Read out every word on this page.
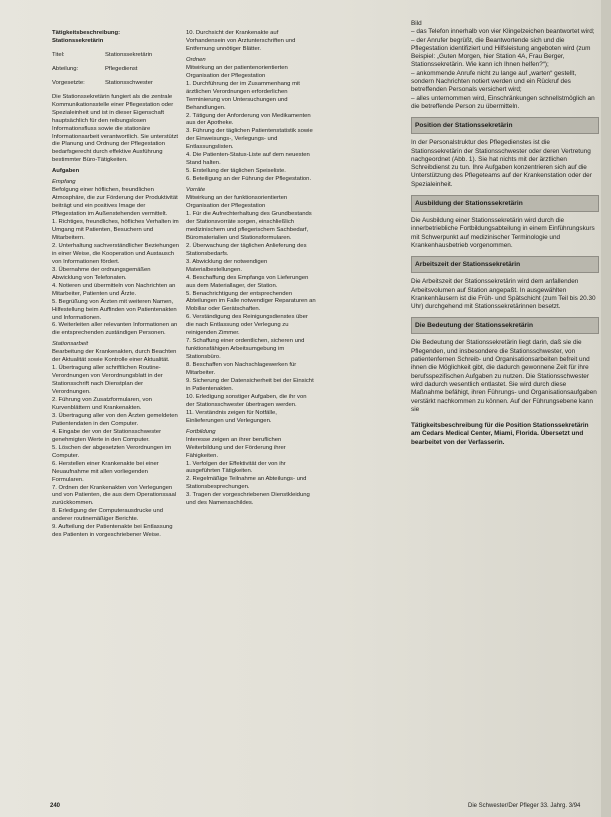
Tätigkeitsbeschreibung:
Stationssekretärin
Titel:	Stationssekretärin
Abteilung:	Pflegedienst
Vorgesetzte:	Stationsschwester

Die Stationssekretärin fungiert als die zentrale Kommunikationsstelle einer Pflegestation oder Spezialeinheit und ist in dieser Eigenschaft hauptsächlich für den reibungslosen Informationsfluss sowie die stationäre Informationsarbeit verantwortlich. Sie unterstützt die Planung und Ordnung der Pflegestation bedarfsgerecht durch effektive Ausführung bestimmter Büro-Tätigkeiten.

Aufgaben
Empfang
Befolgung einer höflichen, freundlichen Atmosphäre, die zur Förderung der Produktivität beiträgt und ein positives Image der Pflegestation im Außenstehenden vermittelt.
1. Richtiges, freundliches, höfliches Verhalten im Umgang mit Patienten, Besuchern und Mitarbeitern.
2. Unterhaltung sachverständlicher Beziehungen in einer Weise, die Kooperation und Austausch von Informationen fördert.
3. Übernahme der ordnungsgemäßen Abwicklung von Telefonaten.
4. Notieren und übermitteln von Nachrichten an Mitarbeiter, Patienten und Ärzte.
5. Begrüßung von Ärzten mit weiteren Namen, Hilfestellung beim Auffinden von Patientenakten und Informationen.
6. Weiterleiten aller relevanten Informationen an die entsprechenden zuständigen Personen.
Stationsarbeit
Bearbeitung der Krankenakten, durch Beachten der Aktualität sowie Kontrolle einer Aktualität.
1. Übertragung aller schriftlichen Routine-Verordnungen von Verordnungsblatt in der Stationsschrift nach Dienstplan der Verordnungen.
2. Führung von Zusatzformularen, von Kurvenblättern und Krankenakten.
3. Übertragung aller von den Ärzten gemeldeten Patientendaten in den Computer.
4. Eingabe der von der Stationsschwester genehmigten Werte in den Computer.
5. Löschen der abgesetzten Verordnungen im Computer.
6. Herstellen einer Krankenakte bei einer Neuaufnahme mit allen vorliegenden Formularen.
7. Ordnen der Krankenakten von Verlegungen und von Patienten, die aus dem Operationssaal zurückkommen.
8. Erledigung der Computerausdrucke und anderer routinemäßiger Berichte.
9. Aufteilung der Patientenakte bei Entlassung des Patienten in vorgeschriebener Weise.
10. Durchsicht der Krankenakte auf Vorhandensein von Arztunterschriften und Entfernung unnötiger Blätter.
Ordnen
Mitwirkung an der patientenorientierten Organisation der Pflegestation
1. Durchführung der im Zusammenhang mit ärztlichen Verordnungen erforderlichen Terminierung von Untersuchungen und Behandlungen.
2. Tätigung der Anforderung von Medikamenten aus der Apotheke.
3. Führung der täglichen Patientenstatistik sowie der Einweisungs-, Verlegungs- und Entlassungslisten.
4. Die Patienten-Status-Liste auf dem neuesten Stand halten.
5. Erstellung der täglichen Speiseliste.
6. Beteiligung an der Führung der Pflegestation.
Vorräte
Mitwirkung an der funktionsorientierten Organisation der Pflegestation
1. Für die Aufrechterhaltung des Grundbestands der Stationsvorräte sorgen, einschließlich medizinischem und pflegerischem Sachbedarf, Büromaterialien und Stationsformularen.
2. Überwachung der täglichen Anlieferung des Stationsbedarfs.
3. Abwicklung der notwendigen Materialbestellungen.
4. Beschaffung des Empfangs von Lieferungen aus dem Materiallager, der Station.
5. Benachrichtigung der entsprechenden Abteilungen im Falle notwendiger Reparaturen an Mobiliar oder Gerätschaften.
6. Verständigung des Reinigungsdienstes über die nach Entlassung oder Verlegung zu reinigenden Zimmer.
7. Schaffung einer ordentlichen, sicheren und funktionsfähigen Arbeitsumgebung im Stationsbüro.
8. Beschaffen von Nachschlagewerken für Mitarbeiter.
9. Sicherung der Datensicherheit bei der Einsicht in Patientenakten.
10. Erledigung sonstiger Aufgaben, die ihr von der Stationsschwester übertragen werden.
11. Verständnis zeigen für Notfälle, Einlieferungen und Verlegungen.
Fortbildung
Interesse zeigen an ihrer beruflichen Weiterbildung und der Förderung ihrer Fähigkeiten.
1. Verfolgen der Effektivität der von ihr ausgeführten Tätigkeiten.
2. Regelmäßige Teilnahme an Abteilungs- und Stationsbesprechungen.
3. Tragen der vorgeschriebenen Dienstkleidung und des Namensschildes.
Bild
– das Telefon innerhalb von vier Klingelzeichen beantwortet wird;
– der Anrufer begrüßt, die Beantwortende sich und die Pflegestation identifiziert und Hilfsleistung angeboten wird (zum Beispiel: „Guten Morgen, hier Station 4A, Frau Berger, Stationssekretärin. Wie kann ich Ihnen helfen?“);
– ankommende Anrufe nicht zu lange auf „warten“ gestellt, sondern Nachrichten notiert werden und ein Rückruf des betreffenden Personals versichert wird;
– alles unternommen wird, Einschränkungen schnellstmöglich an die betreffende Person zu übermitteln.
Position der Stationssekretärin

In der Personalstruktur des Pflegedienstes ist die Stationssekretärin der Stationsschwester oder deren Vertretung nachgeordnet (Abb. 1). Sie hat nichts mit der ärztlichen Schreibdienst zu tun. Ihre Aufgaben konzentrieren sich auf die Unterstützung des Pflegeteams auf der Krankenstation oder der Spezialeinheit.

Ausbildung der Stationssekretärin

Die Ausbildung einer Stationssekretärin wird durch die innerbetriebliche Fortbildungsabteilung in einem Einführungskurs mit Schwerpunkt auf medizinischer Terminologie und Krankenhausbetrieb vorgenommen.

Arbeitszeit der Stationssekretärin

Die Arbeitszeit der Stationssekretärin wird dem anfallenden Arbeitsvolumen auf Station angepaßt. In ausgewählten Krankenhäusern ist die Früh- und Spätschicht (zum Teil bis 20.30 Uhr) durchgehend mit Stationssekretärinnen besetzt.

Die Bedeutung der Stationssekretärin

Die Bedeutung der Stationssekretärin liegt darin, daß sie die Pflegenden, und insbesondere die Stationsschwester, von patientenfernen Schreib- und Organisationsarbeiten befreit und ihnen die Möglichkeit gibt, die dadurch gewonnene Zeit für ihre berufsspezifischen Aufgaben zu nutzen. Die Stationsschwester wird dadurch wesentlich entlastet. Sie wird durch diese Maßnahme befähigt, ihren Führungs- und Organisationsaufgaben verstärkt nachkommen zu können. Auf der Führungsebene kann sie

Tätigkeitsbeschreibung für die Position Stationssekretärin am Cedars Medical Center, Miami, Florida. Übersetzt und bearbeitet von der Verfasserin.

240	Die Schwester/Der Pfleger 33. Jahrg. 3/94
